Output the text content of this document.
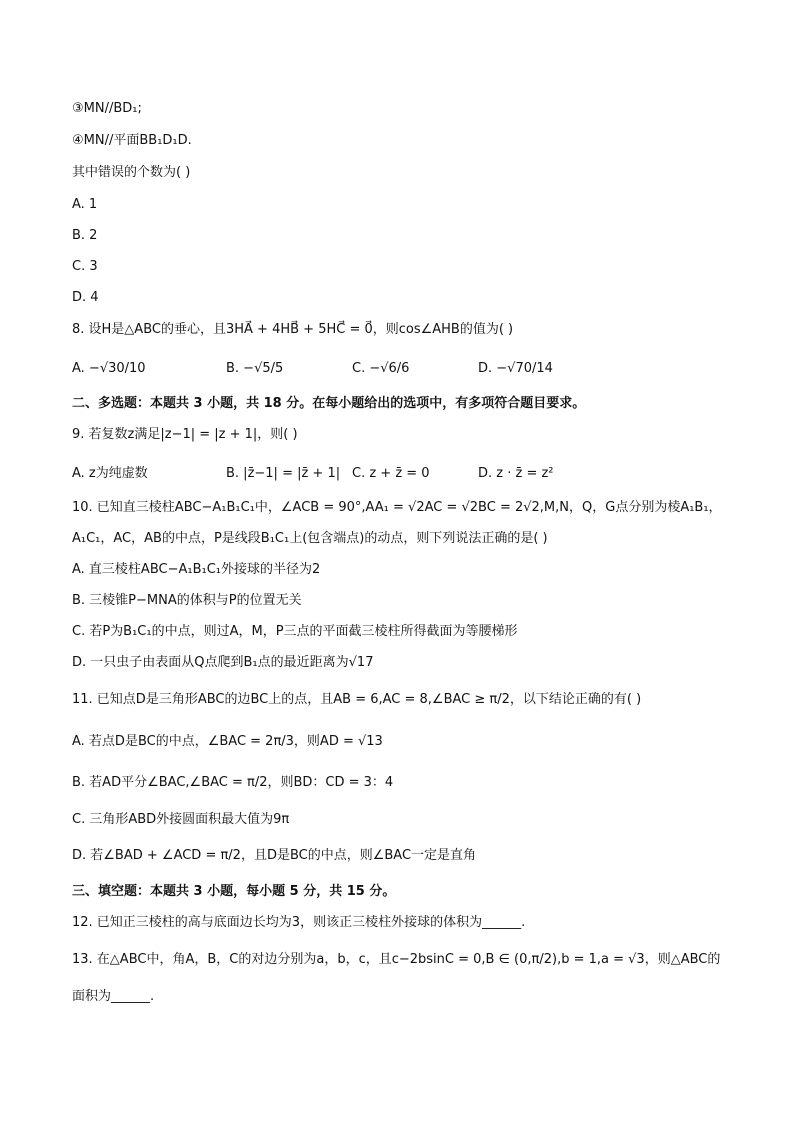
③MN//BD₁;
④MN//平面BB₁D₁D.
其中错误的个数为( )
A. 1
B. 2
C. 3
D. 4
8. 设H是△ABC的垂心，且3HA⃗ + 4HB⃗ + 5HC⃗ = 0⃗，则cos∠AHB的值为( )
A. −√30/10	B. −√5/5	C. −√6/6	D. −√70/14
二、多选题：本题共 3 小题，共 18 分。在每小题给出的选项中，有多项符合题目要求。
9. 若复数z满足|z−1| = |z + 1|，则( )
A. z为纯虚数	B. |z̄−1| = |z̄ + 1| C. z + z̄ = 0	D. z · z̄ = z²
10. 已知直三棱柱ABC−A₁B₁C₁中，∠ACB = 90°,AA₁ = √2AC = √2BC = 2√2,M,N，Q，G点分别为棱A₁B₁，
A₁C₁，AC，AB的中点，P是线段B₁C₁上(包含端点)的动点，则下列说法正确的是( )
A. 直三棱柱ABC−A₁B₁C₁外接球的半径为2
B. 三棱锥P−MNA的体积与P的位置无关
C. 若P为B₁C₁的中点，则过A，M，P三点的平面截三棱柱所得截面为等腰梯形
D. 一只虫子由表面从Q点爬到B₁点的最近距离为√17
11. 已知点D是三角形ABC的边BC上的点，且AB = 6,AC = 8,∠BAC ≥ π/2，以下结论正确的有( )
A. 若点D是BC的中点，∠BAC = 2π/3，则AD = √13
B. 若AD平分∠BAC,∠BAC = π/2，则BD：CD = 3：4
C. 三角形ABD外接圆面积最大值为9π
D. 若∠BAD + ∠ACD = π/2，且D是BC的中点，则∠BAC一定是直角
三、填空题：本题共 3 小题，每小题 5 分，共 15 分。
12. 已知正三棱柱的高与底面边长均为3，则该正三棱柱外接球的体积为______.
13. 在△ABC中，角A，B，C的对边分别为a，b，c，且c−2bsinC = 0,B ∈ (0,π/2),b = 1,a = √3，则△ABC的
面积为______.
